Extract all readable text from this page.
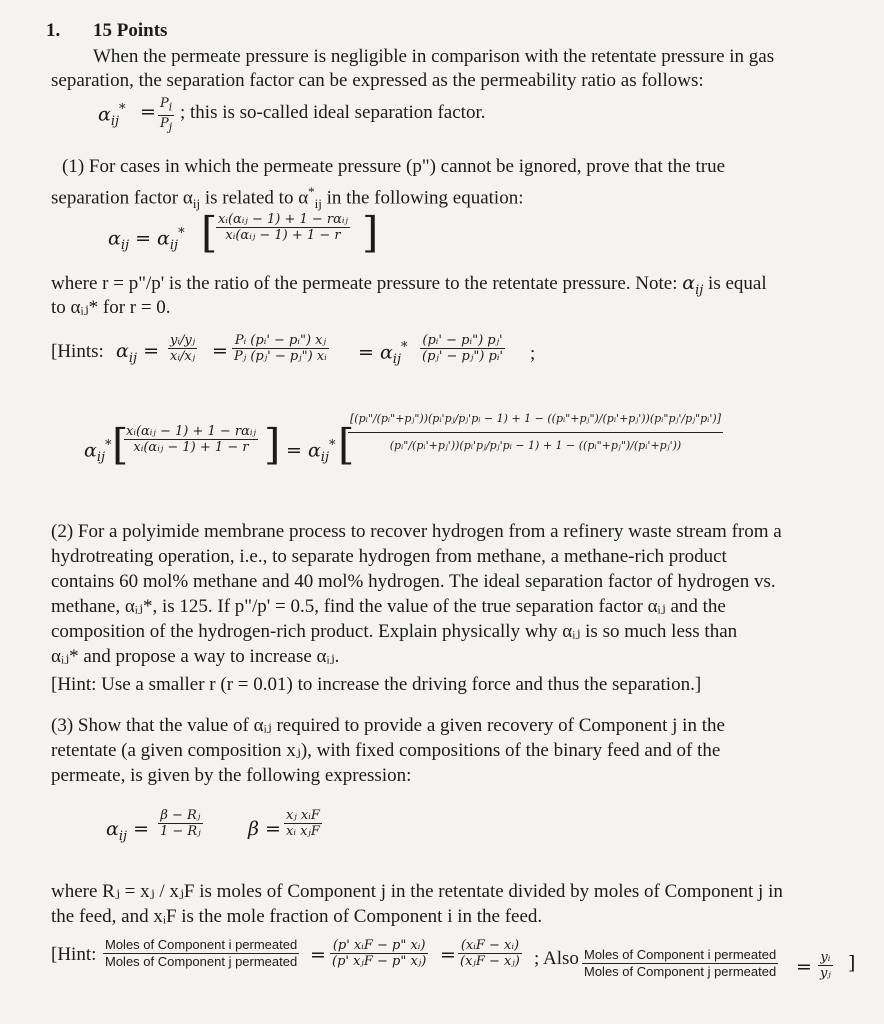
1. 15 Points
When the permeate pressure is negligible in comparison with the retentate pressure in gas
separation, the separation factor can be expressed as the permeability ratio as follows:
$\alpha_{ij}^* = \frac{P_i}{P_j}$ ; this is so-called ideal separation factor.
(1) For cases in which the permeate pressure (p") cannot be ignored, prove that the true
separation factor $\alpha_{ij}$ is related to $\alpha^*_{ij}$ in the following equation:
$\alpha_{ij} = \alpha_{ij}^*$ [ xᵢ(αᵢⱼ − 1) + 1 − rαᵢⱼ
xᵢ(αᵢⱼ − 1) + 1 − r ]
where r = p"/p' is the ratio of the permeate pressure to the retentate pressure. Note: $\alpha_{ij}$ is equal
to αᵢⱼ* for r = 0.
[Hints: $\alpha_{ij} = \frac{\text{yᵢ/yⱼ}}{\text{xᵢ/xⱼ}} = \frac{\text{Pᵢ (pᵢ' − pᵢ") xⱼ}}{\text{Pⱼ (pⱼ' − pⱼ") xᵢ}} = \alpha_{ij}^* \frac{\text{(pᵢ' − pᵢ") pⱼ'}}{\text{(pⱼ' − pⱼ") pᵢ'}}$ ;
$\alpha_{ij}^*$ [
xᵢ(αᵢⱼ − 1) + 1 − rαᵢⱼ
xᵢ(αᵢⱼ − 1) + 1 − r ] = $\alpha_{ij}^*$ [
[(pᵢ"/(pᵢ"+pⱼ"))(pᵢ'pⱼ/pⱼ'pᵢ − 1) + 1 − ((pᵢ"+pⱼ")/(pᵢ'+pⱼ'))(pᵢ"pⱼ'/pⱼ"pᵢ')]
(pᵢ"/(pᵢ'+pⱼ'))(pᵢ'pⱼ/pⱼ'pᵢ − 1) + 1 − ((pᵢ"+pⱼ")/(pᵢ'+pⱼ'))
(2) For a polyimide membrane process to recover hydrogen from a refinery waste stream from a
hydrotreating operation, i.e., to separate hydrogen from methane, a methane-rich product
contains 60 mol% methane and 40 mol% hydrogen. The ideal separation factor of hydrogen vs.
methane, αᵢⱼ*, is 125. If p"/p' = 0.5, find the value of the true separation factor αᵢⱼ and the
composition of the hydrogen-rich product. Explain physically why αᵢⱼ is so much less than
αᵢⱼ* and propose a way to increase αᵢⱼ.
[Hint: Use a smaller r (r = 0.01) to increase the driving force and thus the separation.]
(3) Show that the value of αᵢⱼ required to provide a given recovery of Component j in the
retentate (a given composition xⱼ), with fixed compositions of the binary feed and of the
permeate, is given by the following expression:
$\alpha_{ij} = \frac{\text{β − Rⱼ}}{\text{1 − Rⱼ}}$ β =
xⱼ xᵢF
xᵢ xⱼF
where Rⱼ = xⱼ / xⱼF is moles of Component j in the retentate divided by moles of Component j in
the feed, and xᵢF is the mole fraction of Component i in the feed.
[Hint: Moles of Component i permeated
Moles of Component j permeated = (p' xᵢF − p" xᵢ)
(p' xⱼF − p" xⱼ) = (xᵢF − xᵢ)
(xⱼF − xⱼ) ; Also Moles of Component i permeated
Moles of Component j permeated = $\frac{\text{yᵢ}}{\text{yⱼ}}$ ]
